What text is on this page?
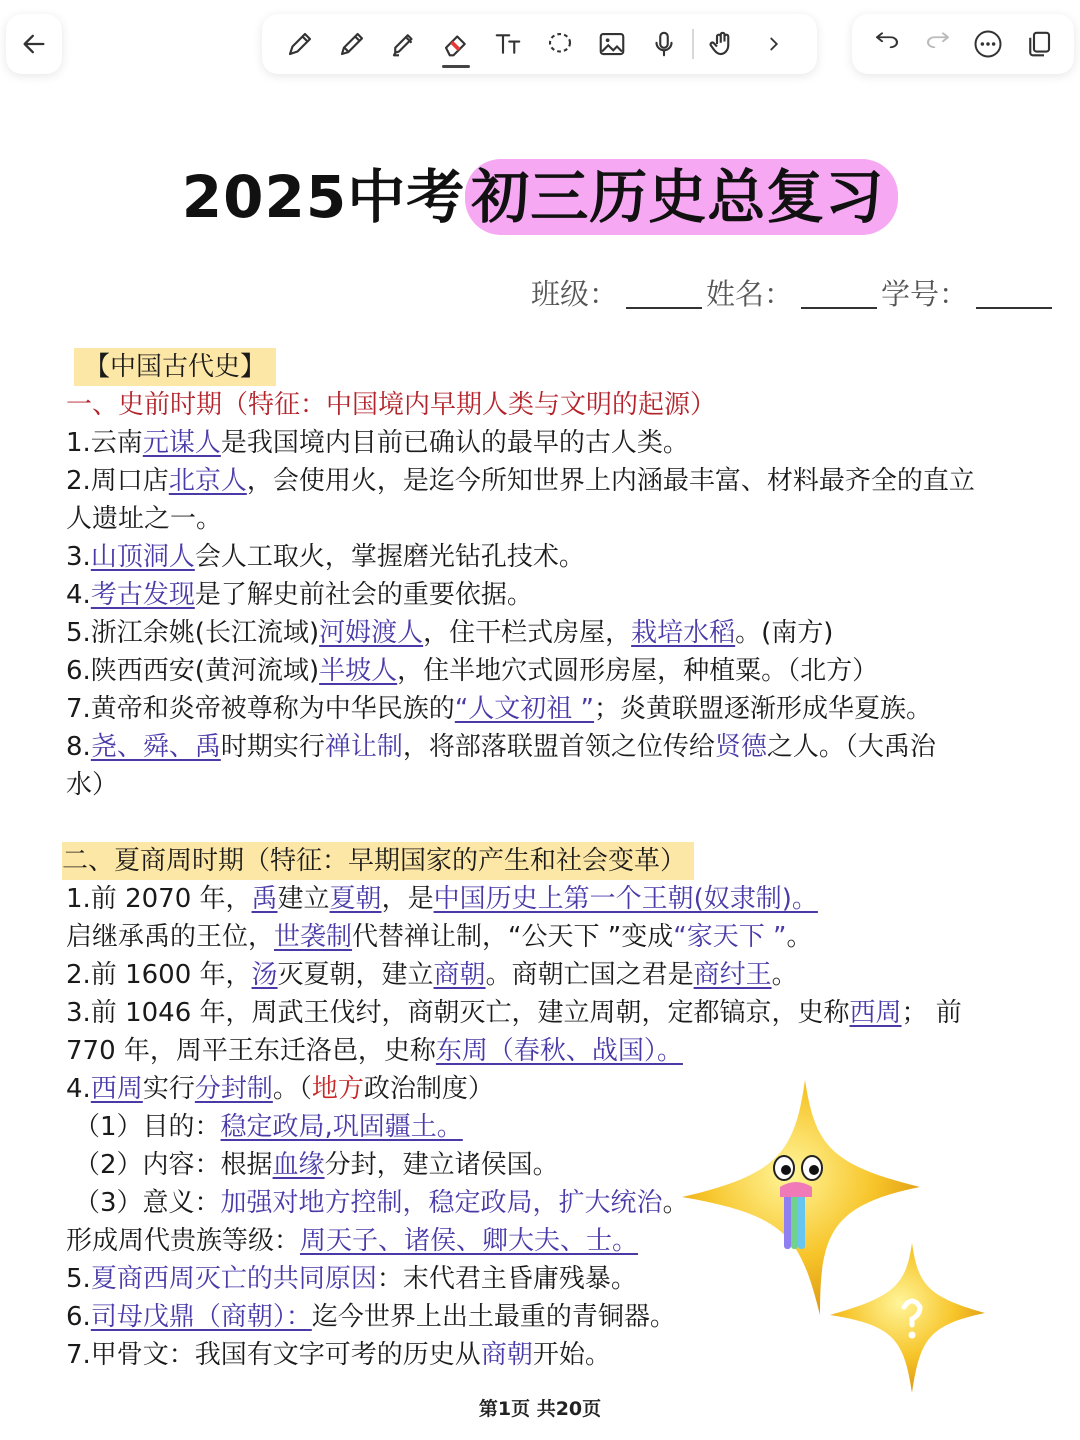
2025中考 初三历史总复习
班级：	姓名：	学号：
【中国古代史】
一、史前时期（特征：中国境内早期人类与文明的起源）
1.云南元谋人是我国境内目前已确认的最早的古人类。
2.周口店北京人，会使用火，是迄今所知世界上内涵最丰富、材料最齐全的直立
人遗址之一。
3.山顶洞人会人工取火，掌握磨光钻孔技术。
4.考古发现是了解史前社会的重要依据。
5.浙江余姚(长江流域)河姆渡人，住干栏式房屋，栽培水稻。(南方)
6.陕西西安(黄河流域)半坡人，住半地穴式圆形房屋，种植粟。（北方）
7.黄帝和炎帝被尊称为中华民族的“人文初祖 ”；炎黄联盟逐渐形成华夏族。
8.尧、舜、禹时期实行禅让制，将部落联盟首领之位传给贤德之人。（大禹治
水）
二、夏商周时期（特征：早期国家的产生和社会变革）
1.前 2070 年，禹建立夏朝，是中国历史上第一个王朝(奴隶制)。
启继承禹的王位，世袭制代替禅让制，“公天下 ”变成“家天下 ”。
2.前 1600 年，汤灭夏朝，建立商朝。商朝亡国之君是商纣王。
3.前 1046 年，周武王伐纣，商朝灭亡，建立周朝，定都镐京，史称西周； 前
770 年，周平王东迁洛邑，史称东周（春秋、战国）。
4.西周实行分封制。（地方政治制度）
（1）目的：稳定政局,巩固疆土。
（2）内容：根据血缘分封，建立诸侯国。
（3）意义：加强对地方控制，稳定政局，扩大统治。
形成周代贵族等级：周天子、诸侯、卿大夫、士。
5.夏商西周灭亡的共同原因：末代君主昏庸残暴。
6.司母戊鼎（商朝）：迄今世界上出土最重的青铜器。
7.甲骨文：我国有文字可考的历史从商朝开始。
第1页 共20页
